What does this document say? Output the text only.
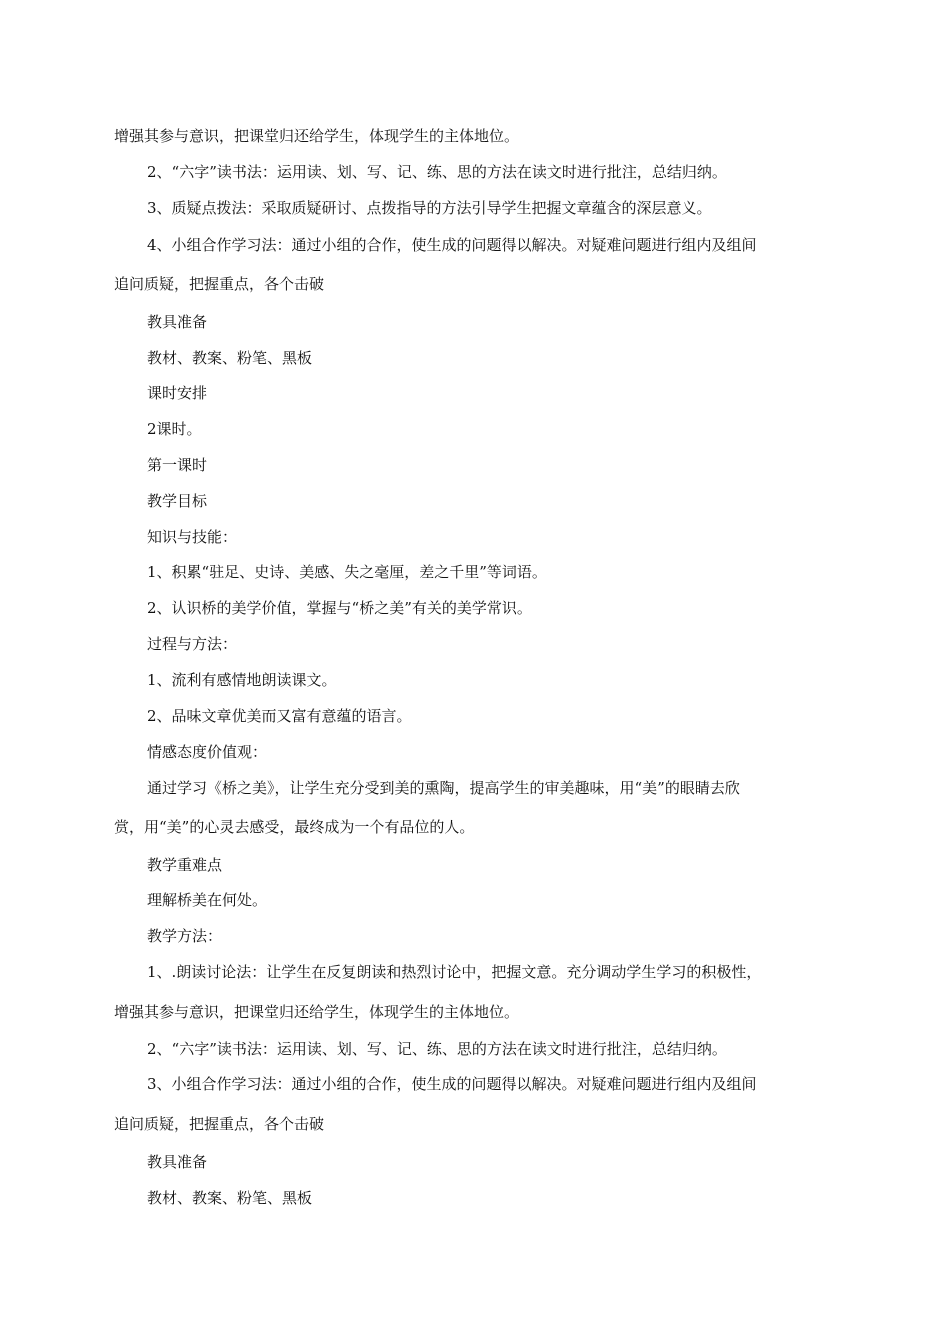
增强其参与意识，把课堂归还给学生，体现学生的主体地位。
2、“六字”读书法：运用读、划、写、记、练、思的方法在读文时进行批注，总结归纳。
3、质疑点拨法：采取质疑研讨、点拨指导的方法引导学生把握文章蕴含的深层意义。
4、小组合作学习法：通过小组的合作，使生成的问题得以解决。对疑难问题进行组内及组间
追问质疑，把握重点，各个击破
教具准备
教材、教案、粉笔、黑板
课时安排
2课时。
第一课时
教学目标
知识与技能：
1、积累“驻足、史诗、美感、失之毫厘，差之千里”等词语。
2、认识桥的美学价值，掌握与“桥之美”有关的美学常识。
过程与方法：
1、流利有感情地朗读课文。
2、品味文章优美而又富有意蕴的语言。
情感态度价值观：
通过学习《桥之美》，让学生充分受到美的熏陶，提高学生的审美趣味，用“美”的眼睛去欣
赏，用“美”的心灵去感受，最终成为一个有品位的人。
教学重难点
理解桥美在何处。
教学方法：
1、.朗读讨论法：让学生在反复朗读和热烈讨论中，把握文意。充分调动学生学习的积极性，
增强其参与意识，把课堂归还给学生，体现学生的主体地位。
2、“六字”读书法：运用读、划、写、记、练、思的方法在读文时进行批注，总结归纳。
3、小组合作学习法：通过小组的合作，使生成的问题得以解决。对疑难问题进行组内及组间
追问质疑，把握重点，各个击破
教具准备
教材、教案、粉笔、黑板
